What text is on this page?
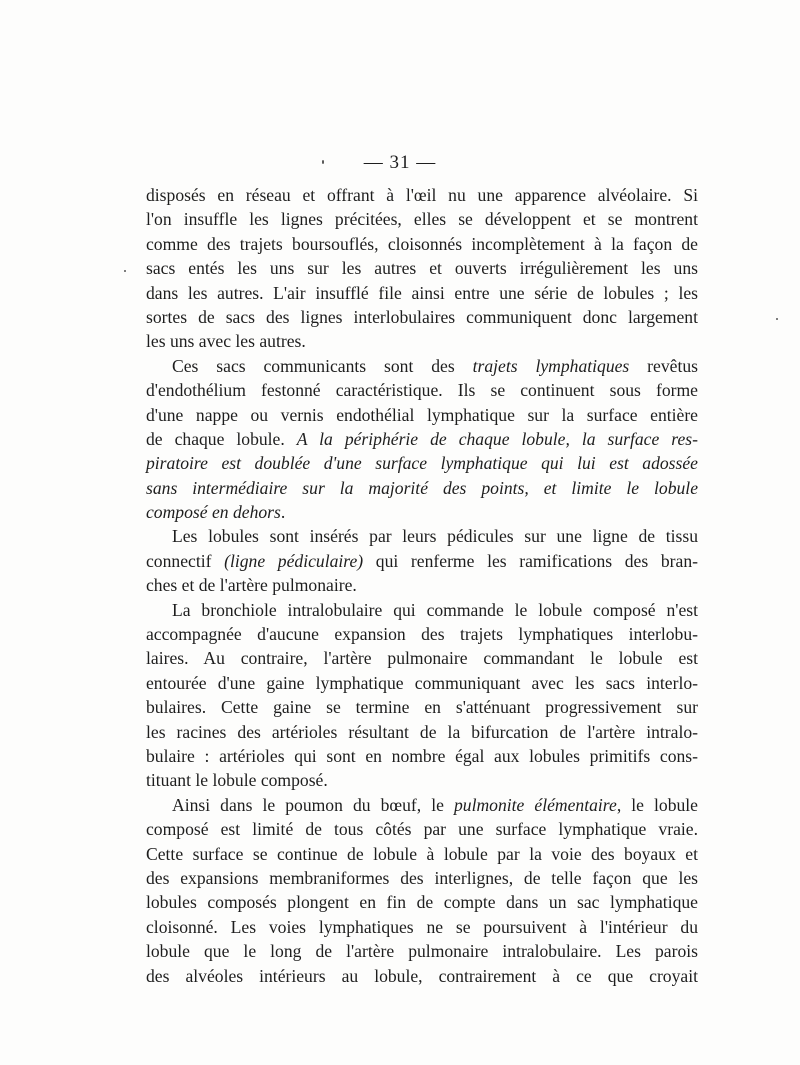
— 31 —
disposés en réseau et offrant à l'œil nu une apparence alvéolaire. Si
l'on insuffle les lignes précitées, elles se développent et se montrent
comme des trajets boursouflés, cloisonnés incomplètement à la façon de
sacs entés les uns sur les autres et ouverts irrégulièrement les uns
dans les autres. L'air insufflé file ainsi entre une série de lobules ; les
sortes de sacs des lignes interlobulaires communiquent donc largement
les uns avec les autres.
Ces sacs communicants sont des trajets lymphatiques revêtus
d'endothélium festonné caractéristique. Ils se continuent sous forme
d'une nappe ou vernis endothélial lymphatique sur la surface entière
de chaque lobule. A la périphérie de chaque lobule, la surface res-
piratoire est doublée d'une surface lymphatique qui lui est adossée
sans intermédiaire sur la majorité des points, et limite le lobule
composé en dehors.
Les lobules sont insérés par leurs pédicules sur une ligne de tissu
connectif (ligne pédiculaire) qui renferme les ramifications des bran-
ches et de l'artère pulmonaire.
La bronchiole intralobulaire qui commande le lobule composé n'est
accompagnée d'aucune expansion des trajets lymphatiques interlobu-
laires. Au contraire, l'artère pulmonaire commandant le lobule est
entourée d'une gaine lymphatique communiquant avec les sacs interlo-
bulaires. Cette gaine se termine en s'atténuant progressivement sur
les racines des artérioles résultant de la bifurcation de l'artère intralo-
bulaire : artérioles qui sont en nombre égal aux lobules primitifs cons-
tituant le lobule composé.
Ainsi dans le poumon du bœuf, le pulmonite élémentaire, le lobule
composé est limité de tous côtés par une surface lymphatique vraie.
Cette surface se continue de lobule à lobule par la voie des boyaux et
des expansions membraniformes des interlignes, de telle façon que les
lobules composés plongent en fin de compte dans un sac lymphatique
cloisonné. Les voies lymphatiques ne se poursuivent à l'intérieur du
lobule que le long de l'artère pulmonaire intralobulaire. Les parois
des alvéoles intérieurs au lobule, contrairement à ce que croyait
